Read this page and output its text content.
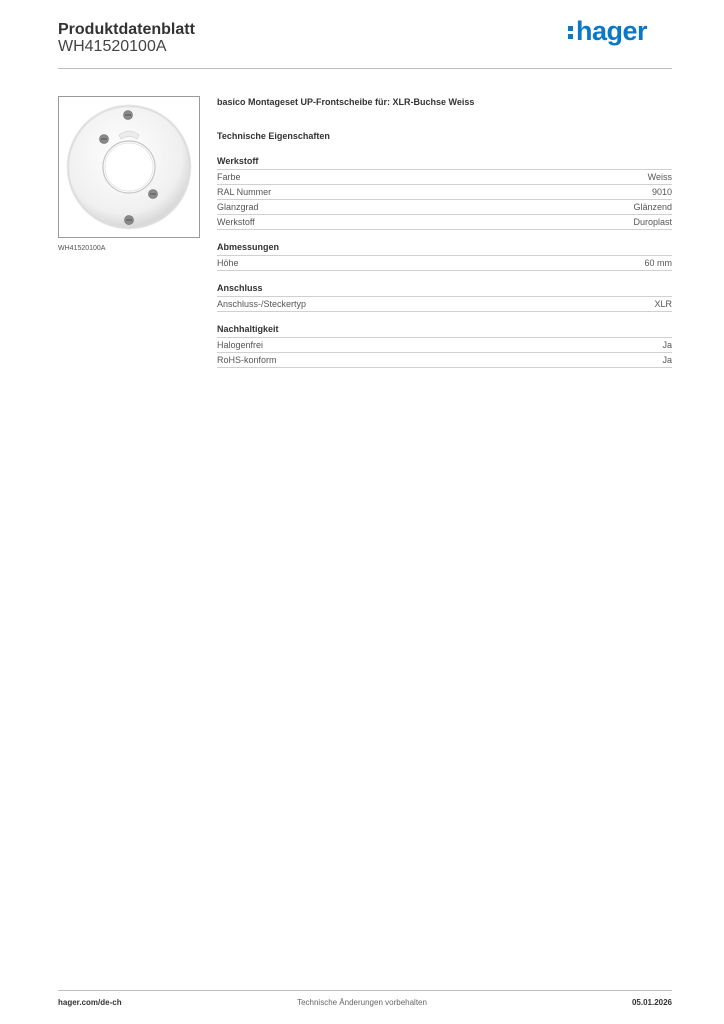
Produktdatenblatt
WH41520100A
hager
WH41520100A
basico Montageset UP-Frontscheibe für: XLR-Buchse Weiss
Technische Eigenschaften
Werkstoff
Farbe	Weiss
RAL Nummer	9010
Glanzgrad	Glänzend
Werkstoff	Duroplast
Abmessungen
Höhe	60 mm
Anschluss
Anschluss-/Steckertyp	XLR
Nachhaltigkeit
Halogenfrei	Ja
RoHS-konform	Ja
hager.com/de-ch	Technische Änderungen vorbehalten	05.01.2026
